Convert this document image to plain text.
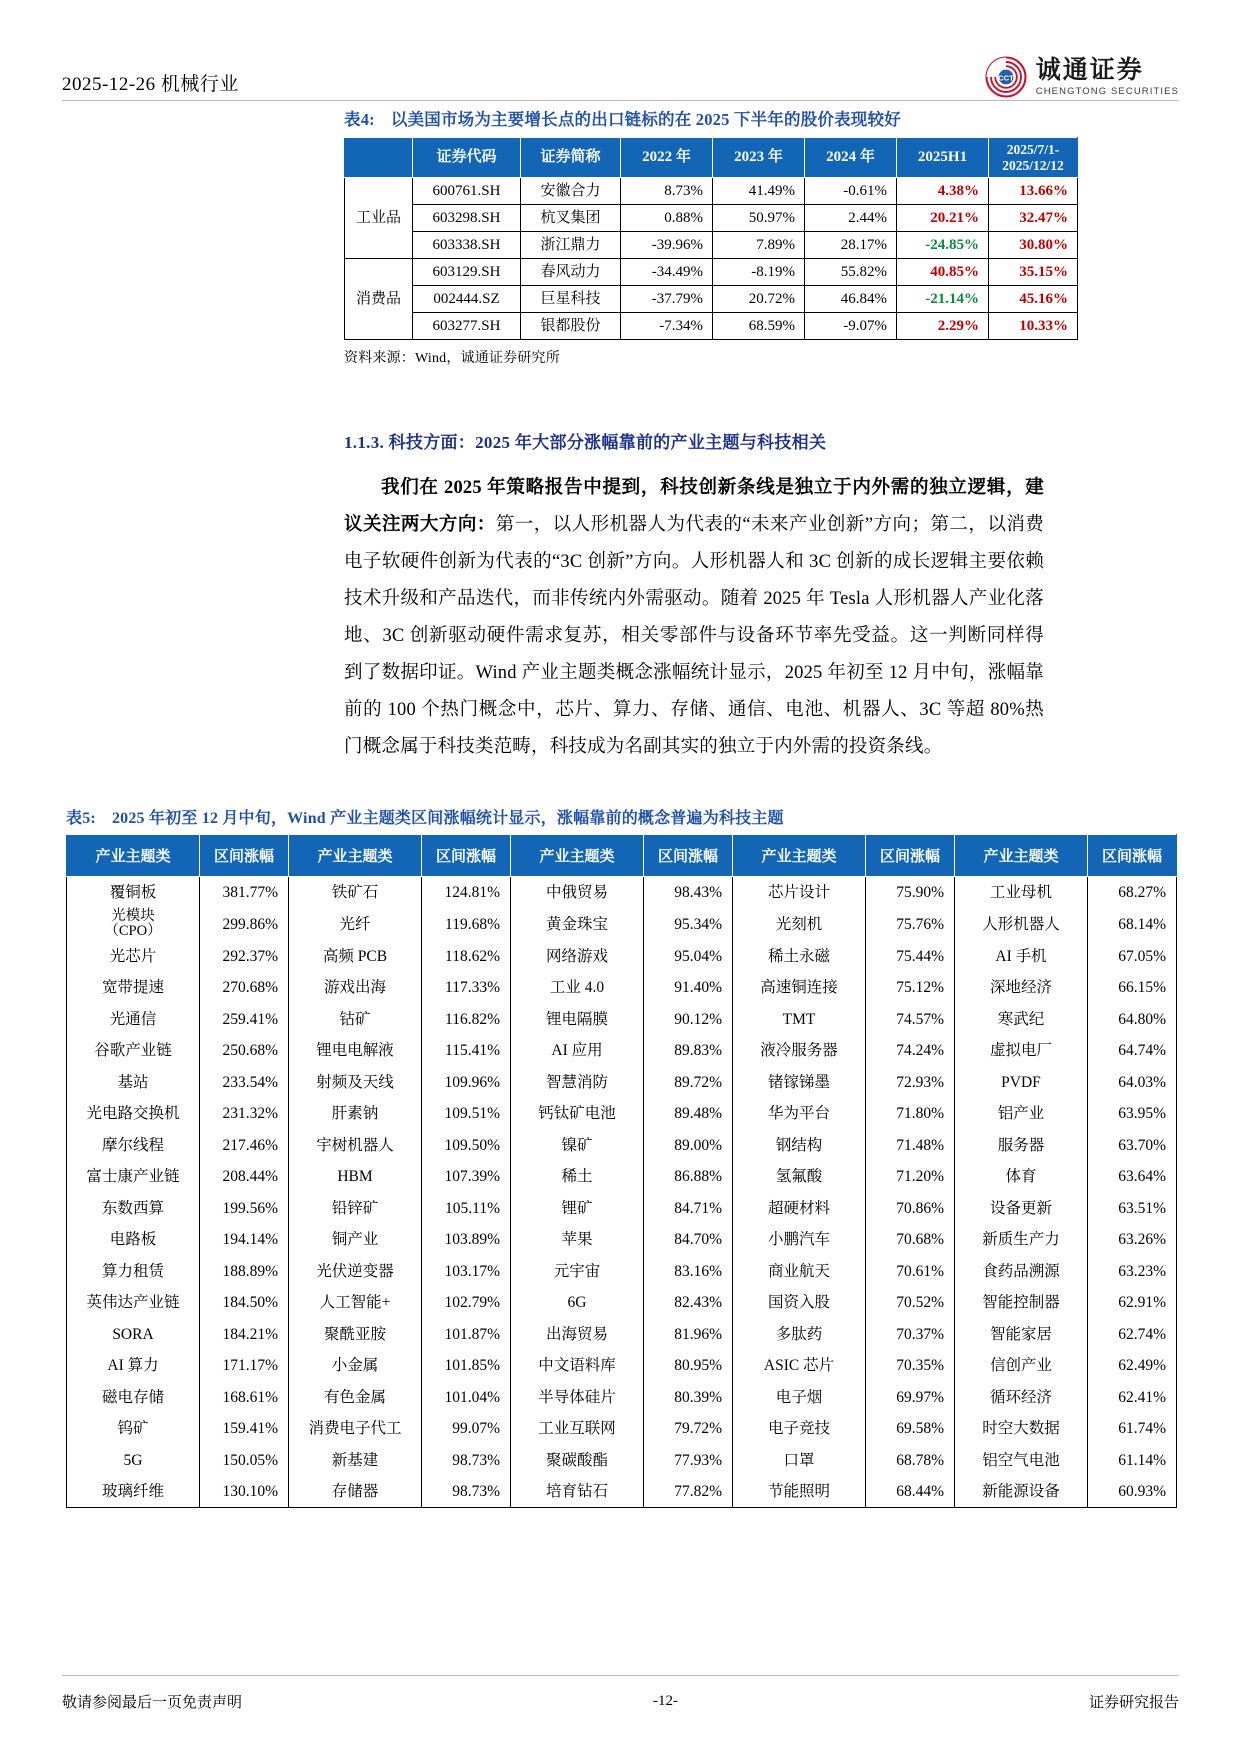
2025-12-26 机械行业	CCT 诚通证券
CHENGTONG SECURITIES
表4: 以美国市场为主要增长点的出口链标的在 2025 下半年的股价表现较好
	证券代码	证券简称	2022 年	2023 年	2024 年	2025H1	2025/7/1-
2025/12/12

工业品	600761.SH	安徽合力	8.73%	41.49%	-0.61%	4.38%	13.66%
	603298.SH	杭叉集团	0.88%	50.97%	2.44%	20.21%	32.47%
	603338.SH	浙江鼎力	-39.96%	7.89%	28.17%	-24.85%	30.80%
消费品	603129.SH	春风动力	-34.49%	-8.19%	55.82%	40.85%	35.15%
	002444.SZ	巨星科技	-37.79%	20.72%	46.84%	-21.14%	45.16%
	603277.SH	银都股份	-7.34%	68.59%	-9.07%	2.29%	10.33%
资料来源：Wind，诚通证券研究所
1.1.3. 科技方面：2025 年大部分涨幅靠前的产业主题与科技相关
我们在 2025 年策略报告中提到，科技创新条线是独立于内外需的独立逻辑，建议关注两大方向：第一，以人形机器人为代表的“未来产业创新”方向；第二，以消费电子软硬件创新为代表的“3C 创新”方向。人形机器人和 3C 创新的成长逻辑主要依赖技术升级和产品迭代，而非传统内外需驱动。随着 2025 年 Tesla 人形机器人产业化落地、3C 创新驱动硬件需求复苏，相关零部件与设备环节率先受益。这一判断同样得到了数据印证。Wind 产业主题类概念涨幅统计显示，2025 年初至 12 月中旬，涨幅靠前的 100 个热门概念中，芯片、算力、存储、通信、电池、机器人、3C 等超 80%热门概念属于科技类范畴，科技成为名副其实的独立于内外需的投资条线。
表5: 2025 年初至 12 月中旬，Wind 产业主题类区间涨幅统计显示，涨幅靠前的概念普遍为科技主题
产业主题类	区间涨幅	产业主题类	区间涨幅	产业主题类	区间涨幅	产业主题类	区间涨幅	产业主题类	区间涨幅
覆铜板	381.77%	铁矿石	124.81%	中俄贸易	98.43%	芯片设计	75.90%	工业母机	68.27%

光模块
（CPO）	299.86%	光纤	119.68%	黄金珠宝	95.34%	光刻机	75.76%	人形机器人	68.14%
光芯片	292.37%	高频 PCB	118.62%	网络游戏	95.04%	稀土永磁	75.44%	AI 手机	67.05%
宽带提速	270.68%	游戏出海	117.33%	工业 4.0	91.40%	高速铜连接	75.12%	深地经济	66.15%
光通信	259.41%	钴矿	116.82%	锂电隔膜	90.12%	TMT	74.57%	寒武纪	64.80%
谷歌产业链	250.68%	锂电电解液	115.41%	AI 应用	89.83%	液冷服务器	74.24%	虚拟电厂	64.74%
基站	233.54%	射频及天线	109.96%	智慧消防	89.72%	锗镓锑墨	72.93%	PVDF	64.03%
光电路交换机	231.32%	肝素钠	109.51%	钙钛矿电池	89.48%	华为平台	71.80%	铝产业	63.95%
摩尔线程	217.46%	宇树机器人	109.50%	镍矿	89.00%	钢结构	71.48%	服务器	63.70%
富士康产业链	208.44%	HBM	107.39%	稀土	86.88%	氢氟酸	71.20%	体育	63.64%
东数西算	199.56%	铅锌矿	105.11%	锂矿	84.71%	超硬材料	70.86%	设备更新	63.51%
电路板	194.14%	铜产业	103.89%	苹果	84.70%	小鹏汽车	70.68%	新质生产力	63.26%
算力租赁	188.89%	光伏逆变器	103.17%	元宇宙	83.16%	商业航天	70.61%	食药品溯源	63.23%
英伟达产业链	184.50%	人工智能+	102.79%	6G	82.43%	国资入股	70.52%	智能控制器	62.91%
SORA	184.21%	聚酰亚胺	101.87%	出海贸易	81.96%	多肽药	70.37%	智能家居	62.74%
AI 算力	171.17%	小金属	101.85%	中文语料库	80.95%	ASIC 芯片	70.35%	信创产业	62.49%
磁电存储	168.61%	有色金属	101.04%	半导体硅片	80.39%	电子烟	69.97%	循环经济	62.41%
钨矿	159.41%	消费电子代工	99.07%	工业互联网	79.72%	电子竞技	69.58%	时空大数据	61.74%
5G	150.05%	新基建	98.73%	聚碳酸酯	77.93%	口罩	68.78%	铝空气电池	61.14%
玻璃纤维	130.10%	存储器	98.73%	培育钻石	77.82%	节能照明	68.44%	新能源设备	60.93%
敬请参阅最后一页免责声明	-12-	证券研究报告
